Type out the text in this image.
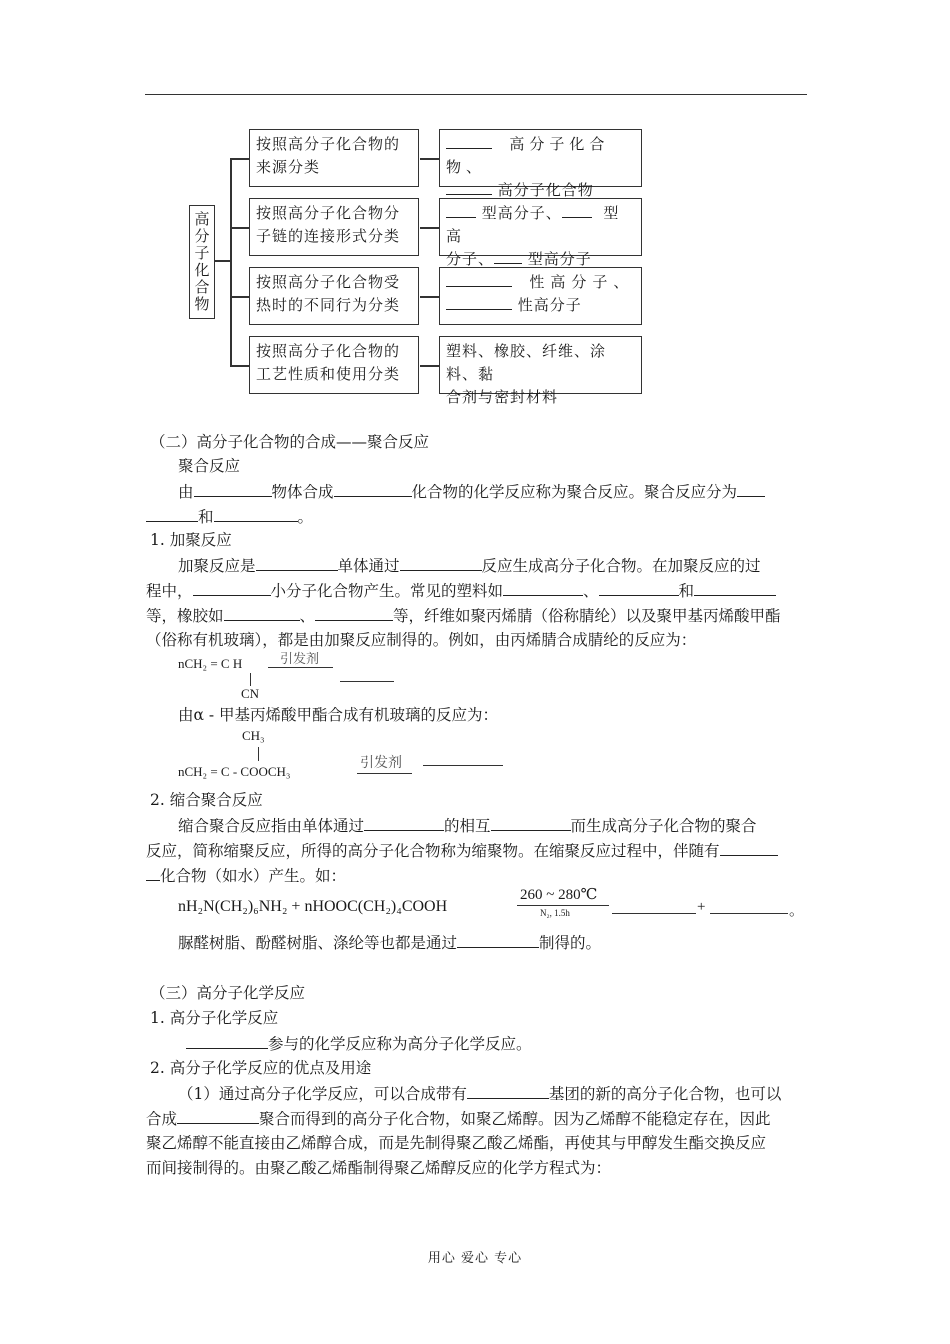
高分子化合物
按照高分子化合物的来源分类
按照高分子化合物分子链的连接形式分类
按照高分子化合物受热时的不同行为分类
按照高分子化合物的工艺性质和使用分类
高分子化合物、
高分子化合物
型高分子、	型高
分子、 型高分子
性高分子、
性高分子
塑料、橡胶、纤维、涂料、黏
合剂与密封材料
（二）高分子化合物的合成——聚合反应
聚合反应
由	物体合成	化合物的化学反应称为聚合反应。聚合反应分为
和	。
1. 加聚反应
加聚反应是	单体通过	反应生成高分子化合物。在加聚反应的过
程中，	小分子化合物产生。常见的塑料如	、	和
等，橡胶如	、	等，纤维如聚丙烯腈（俗称腈纶）以及聚甲基丙烯酸甲酯
（俗称有机玻璃），都是由加聚反应制得的。例如，由丙烯腈合成腈纶的反应为：
nCH₂ = C H	引发剂
CN
由α - 甲基丙烯酸甲酯合成有机玻璃的反应为：
CH₃
nCH₂ = C - COOCH₃
引发剂
2. 缩合聚合反应
缩合聚合反应指由单体通过	的相互	而生成高分子化合物的聚合
反应，简称缩聚反应，所得的高分子化合物称为缩聚物。在缩聚反应过程中，伴随有
化合物（如水）产生。如：
nH₂N(CH₂)₆NH₂ + nHOOC(CH₂)₄COOH
260 ~ 280℃
N₂, 1.5h	+	。
脲醛树脂、酚醛树脂、涤纶等也都是通过	制得的。
（三）高分子化学反应
1. 高分子化学反应
参与的化学反应称为高分子化学反应。
2. 高分子化学反应的优点及用途
（1）通过高分子化学反应，可以合成带有	基团的新的高分子化合物，也可以
合成	聚合而得到的高分子化合物，如聚乙烯醇。因为乙烯醇不能稳定存在，因此
聚乙烯醇不能直接由乙烯醇合成，而是先制得聚乙酸乙烯酯，再使其与甲醇发生酯交换反应
而间接制得的。由聚乙酸乙烯酯制得聚乙烯醇反应的化学方程式为：
用心 爱心 专心
